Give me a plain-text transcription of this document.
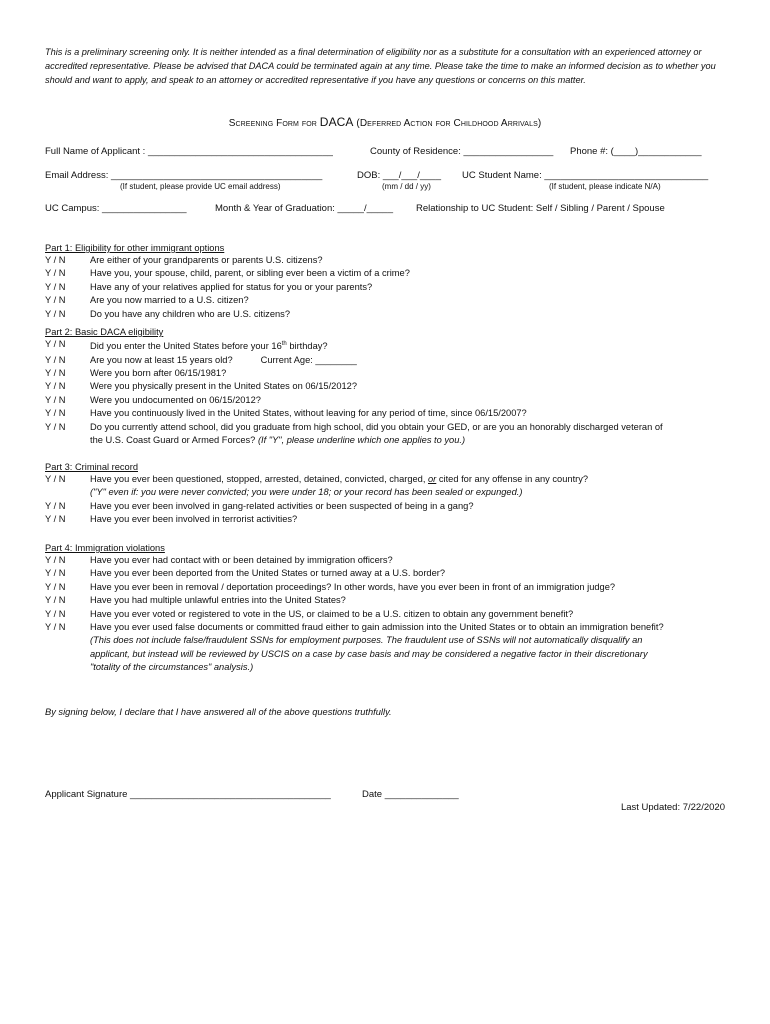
This is a preliminary screening only. It is neither intended as a final determination of eligibility nor as a substitute for a consultation with an experienced attorney or accredited representative. Please be advised that DACA could be terminated again at any time. Please take the time to make an informed decision as to whether you should and want to apply, and speak to an attorney or accredited representative if you have any questions or concerns on this matter.
Screening Form for DACA (Deferred Action for Childhood Arrivals)
Full Name of Applicant : ___________________________________	County of Residence: _________________ Phone #: (____)____________
Email Address: ________________________________________
(If student, please provide UC email address)
DOB: ___/___/____
(mm / dd / yy)
UC Student Name: _______________________________
(If student, please indicate N/A)
UC Campus: ________________	Month & Year of Graduation: _____/_____ Relationship to UC Student: Self / Sibling / Parent / Spouse
Part 1: Eligibility for other immigrant options
Y / N	Are either of your grandparents or parents U.S. citizens?
Y / N	Have you, your spouse, child, parent, or sibling ever been a victim of a crime?
Y / N	Have any of your relatives applied for status for you or your parents?
Y / N	Are you now married to a U.S. citizen?
Y / N	Do you have any children who are U.S. citizens?
Part 2: Basic DACA eligibility
Y / N	Did you enter the United States before your 16th birthday?
Y / N	Are you now at least 15 years old?	Current Age: ________
Y / N	Were you born after 06/15/1981?
Y / N	Were you physically present in the United States on 06/15/2012?
Y / N	Were you undocumented on 06/15/2012?
Y / N	Have you continuously lived in the United States, without leaving for any period of time, since 06/15/2007?
Y / N	Do you currently attend school, did you graduate from high school, did you obtain your GED, or are you an honorably discharged veteran of
the U.S. Coast Guard or Armed Forces? (If "Y", please underline which one applies to you.)
Part 3: Criminal record
Y / N	Have you ever been questioned, stopped, arrested, detained, convicted, charged, or cited for any offense in any country?
("Y" even if: you were never convicted; you were under 18; or your record has been sealed or expunged.)
Y / N	Have you ever been involved in gang-related activities or been suspected of being in a gang?
Y / N	Have you ever been involved in terrorist activities?
Part 4: Immigration violations
Y / N	Have you ever had contact with or been detained by immigration officers?
Y / N	Have you ever been deported from the United States or turned away at a U.S. border?
Y / N	Have you ever been in removal / deportation proceedings? In other words, have you ever been in front of an immigration judge?
Y / N	Have you had multiple unlawful entries into the United States?
Y / N	Have you ever voted or registered to vote in the US, or claimed to be a U.S. citizen to obtain any government benefit?
Y / N	Have you ever used false documents or committed fraud either to gain admission into the United States or to obtain an immigration benefit?
(This does not include false/fraudulent SSNs for employment purposes. The fraudulent use of SSNs will not automatically disqualify an
applicant, but instead will be reviewed by USCIS on a case by case basis and may be considered a negative factor in their discretionary
"totality of the circumstances" analysis.)
By signing below, I declare that I have answered all of the above questions truthfully.
Applicant Signature ______________________________________	Date ______________
Last Updated: 7/22/2020
